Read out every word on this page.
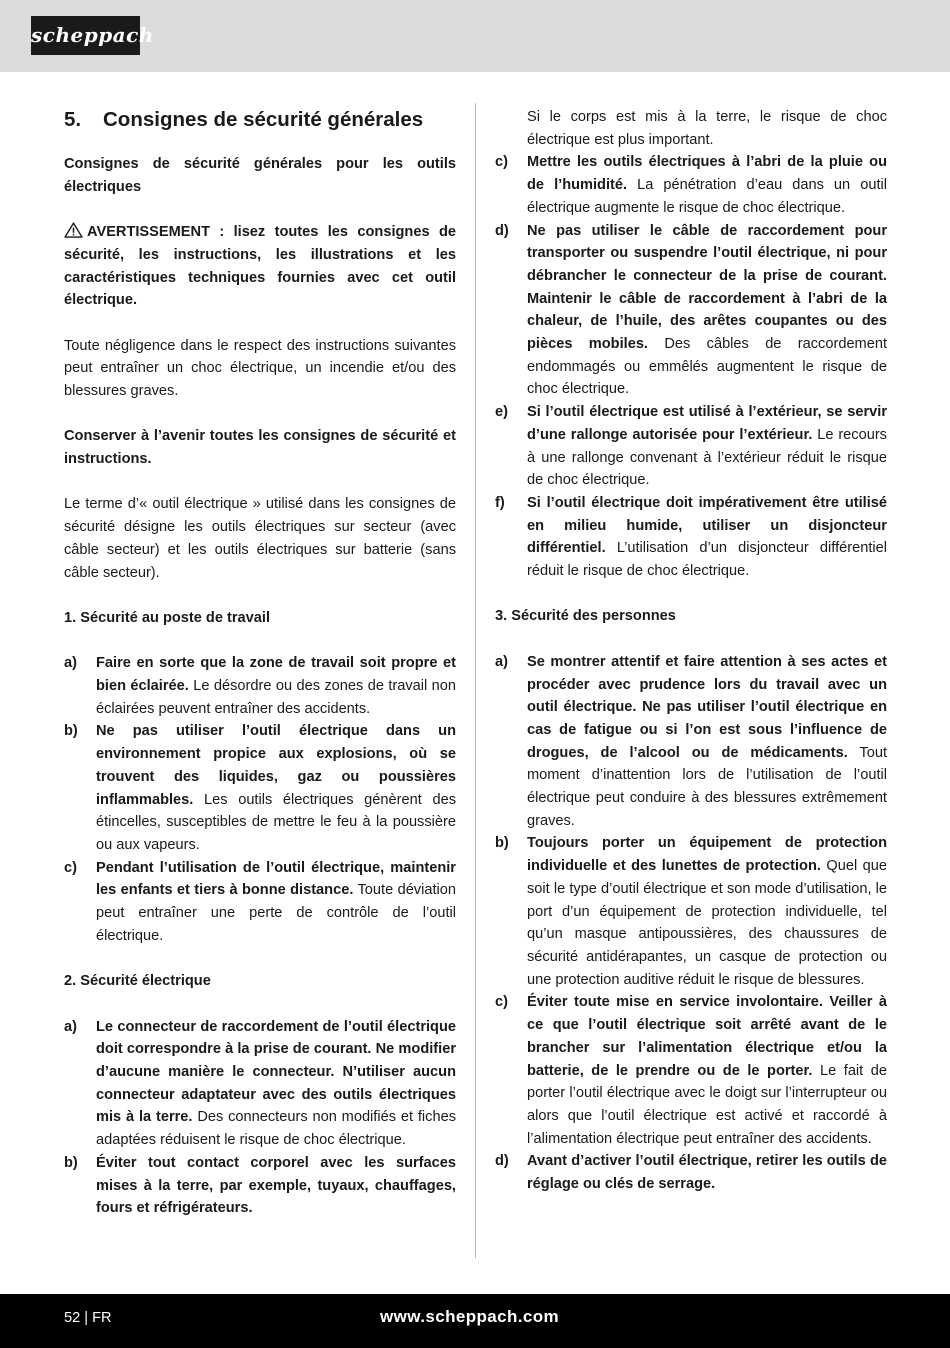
scheppach
5. Consignes de sécurité générales

Consignes de sécurité générales pour les outils électriques

AVERTISSEMENT : lisez toutes les consignes de sécurité, les instructions, les illustrations et les caractéristiques techniques fournies avec cet outil électrique.

Toute négligence dans le respect des instructions suivantes peut entraîner un choc électrique, un incendie et/ou des blessures graves.

Conserver à l’avenir toutes les consignes de sécurité et instructions.

Le terme d’« outil électrique » utilisé dans les consignes de sécurité désigne les outils électriques sur secteur (avec câble secteur) et les outils électriques sur batterie (sans câble secteur).

1. Sécurité au poste de travail

a)	Faire en sorte que la zone de travail soit propre et bien éclairée. Le désordre ou des zones de travail non éclairées peuvent entraîner des accidents.

b)	Ne pas utiliser l’outil électrique dans un environnement propice aux explosions, où se trouvent des liquides, gaz ou poussières inflammables. Les outils électriques génèrent des étincelles, susceptibles de mettre le feu à la poussière ou aux vapeurs.

c)	Pendant l’utilisation de l’outil électrique, maintenir les enfants et tiers à bonne distance. Toute déviation peut entraîner une perte de contrôle de l’outil électrique.

2. Sécurité électrique

a)	Le connecteur de raccordement de l’outil électrique doit correspondre à la prise de courant. Ne modifier d’aucune manière le connecteur. N’utiliser aucun connecteur adaptateur avec des outils électriques mis à la terre. Des connecteurs non modifiés et fiches adaptées réduisent le risque de choc électrique.

b)	Éviter tout contact corporel avec les surfaces mises à la terre, par exemple, tuyaux, chauffages, fours et réfrigérateurs.

Si le corps est mis à la terre, le risque de choc électrique est plus important.

c)	Mettre les outils électriques à l’abri de la pluie ou de l’humidité. La pénétration d’eau dans un outil électrique augmente le risque de choc électrique.

d)	Ne pas utiliser le câble de raccordement pour transporter ou suspendre l’outil électrique, ni pour débrancher le connecteur de la prise de courant. Maintenir le câble de raccordement à l’abri de la chaleur, de l’huile, des arêtes coupantes ou des pièces mobiles. Des câbles de raccordement endommagés ou emmêlés augmentent le risque de choc électrique.

e)	Si l’outil électrique est utilisé à l’extérieur, se servir d’une rallonge autorisée pour l’extérieur. Le recours à une rallonge convenant à l’extérieur réduit le risque de choc électrique.

f)	Si l’outil électrique doit impérativement être utilisé en milieu humide, utiliser un disjoncteur différentiel. L’utilisation d’un disjoncteur différentiel réduit le risque de choc électrique.

3. Sécurité des personnes

a)	Se montrer attentif et faire attention à ses actes et procéder avec prudence lors du travail avec un outil électrique. Ne pas utiliser l’outil électrique en cas de fatigue ou si l’on est sous l’influence de drogues, de l’alcool ou de médicaments. Tout moment d’inattention lors de l’utilisation de l’outil électrique peut conduire à des blessures extrêmement graves.

b)	Toujours porter un équipement de protection individuelle et des lunettes de protection. Quel que soit le type d’outil électrique et son mode d’utilisation, le port d’un équipement de protection individuelle, tel qu’un masque antipoussières, des chaussures de sécurité antidérapantes, un casque de protection ou une protection auditive réduit le risque de blessures.

c)	Éviter toute mise en service involontaire. Veiller à ce que l’outil électrique soit arrêté avant de le brancher sur l’alimentation électrique et/ou la batterie, de le prendre ou de le porter. Le fait de porter l’outil électrique avec le doigt sur l’interrupteur ou alors que l’outil électrique est activé et raccordé à l’alimentation électrique peut entraîner des accidents.

d)	Avant d’activer l’outil électrique, retirer les outils de réglage ou clés de serrage.

52 | FR	www.scheppach.com
